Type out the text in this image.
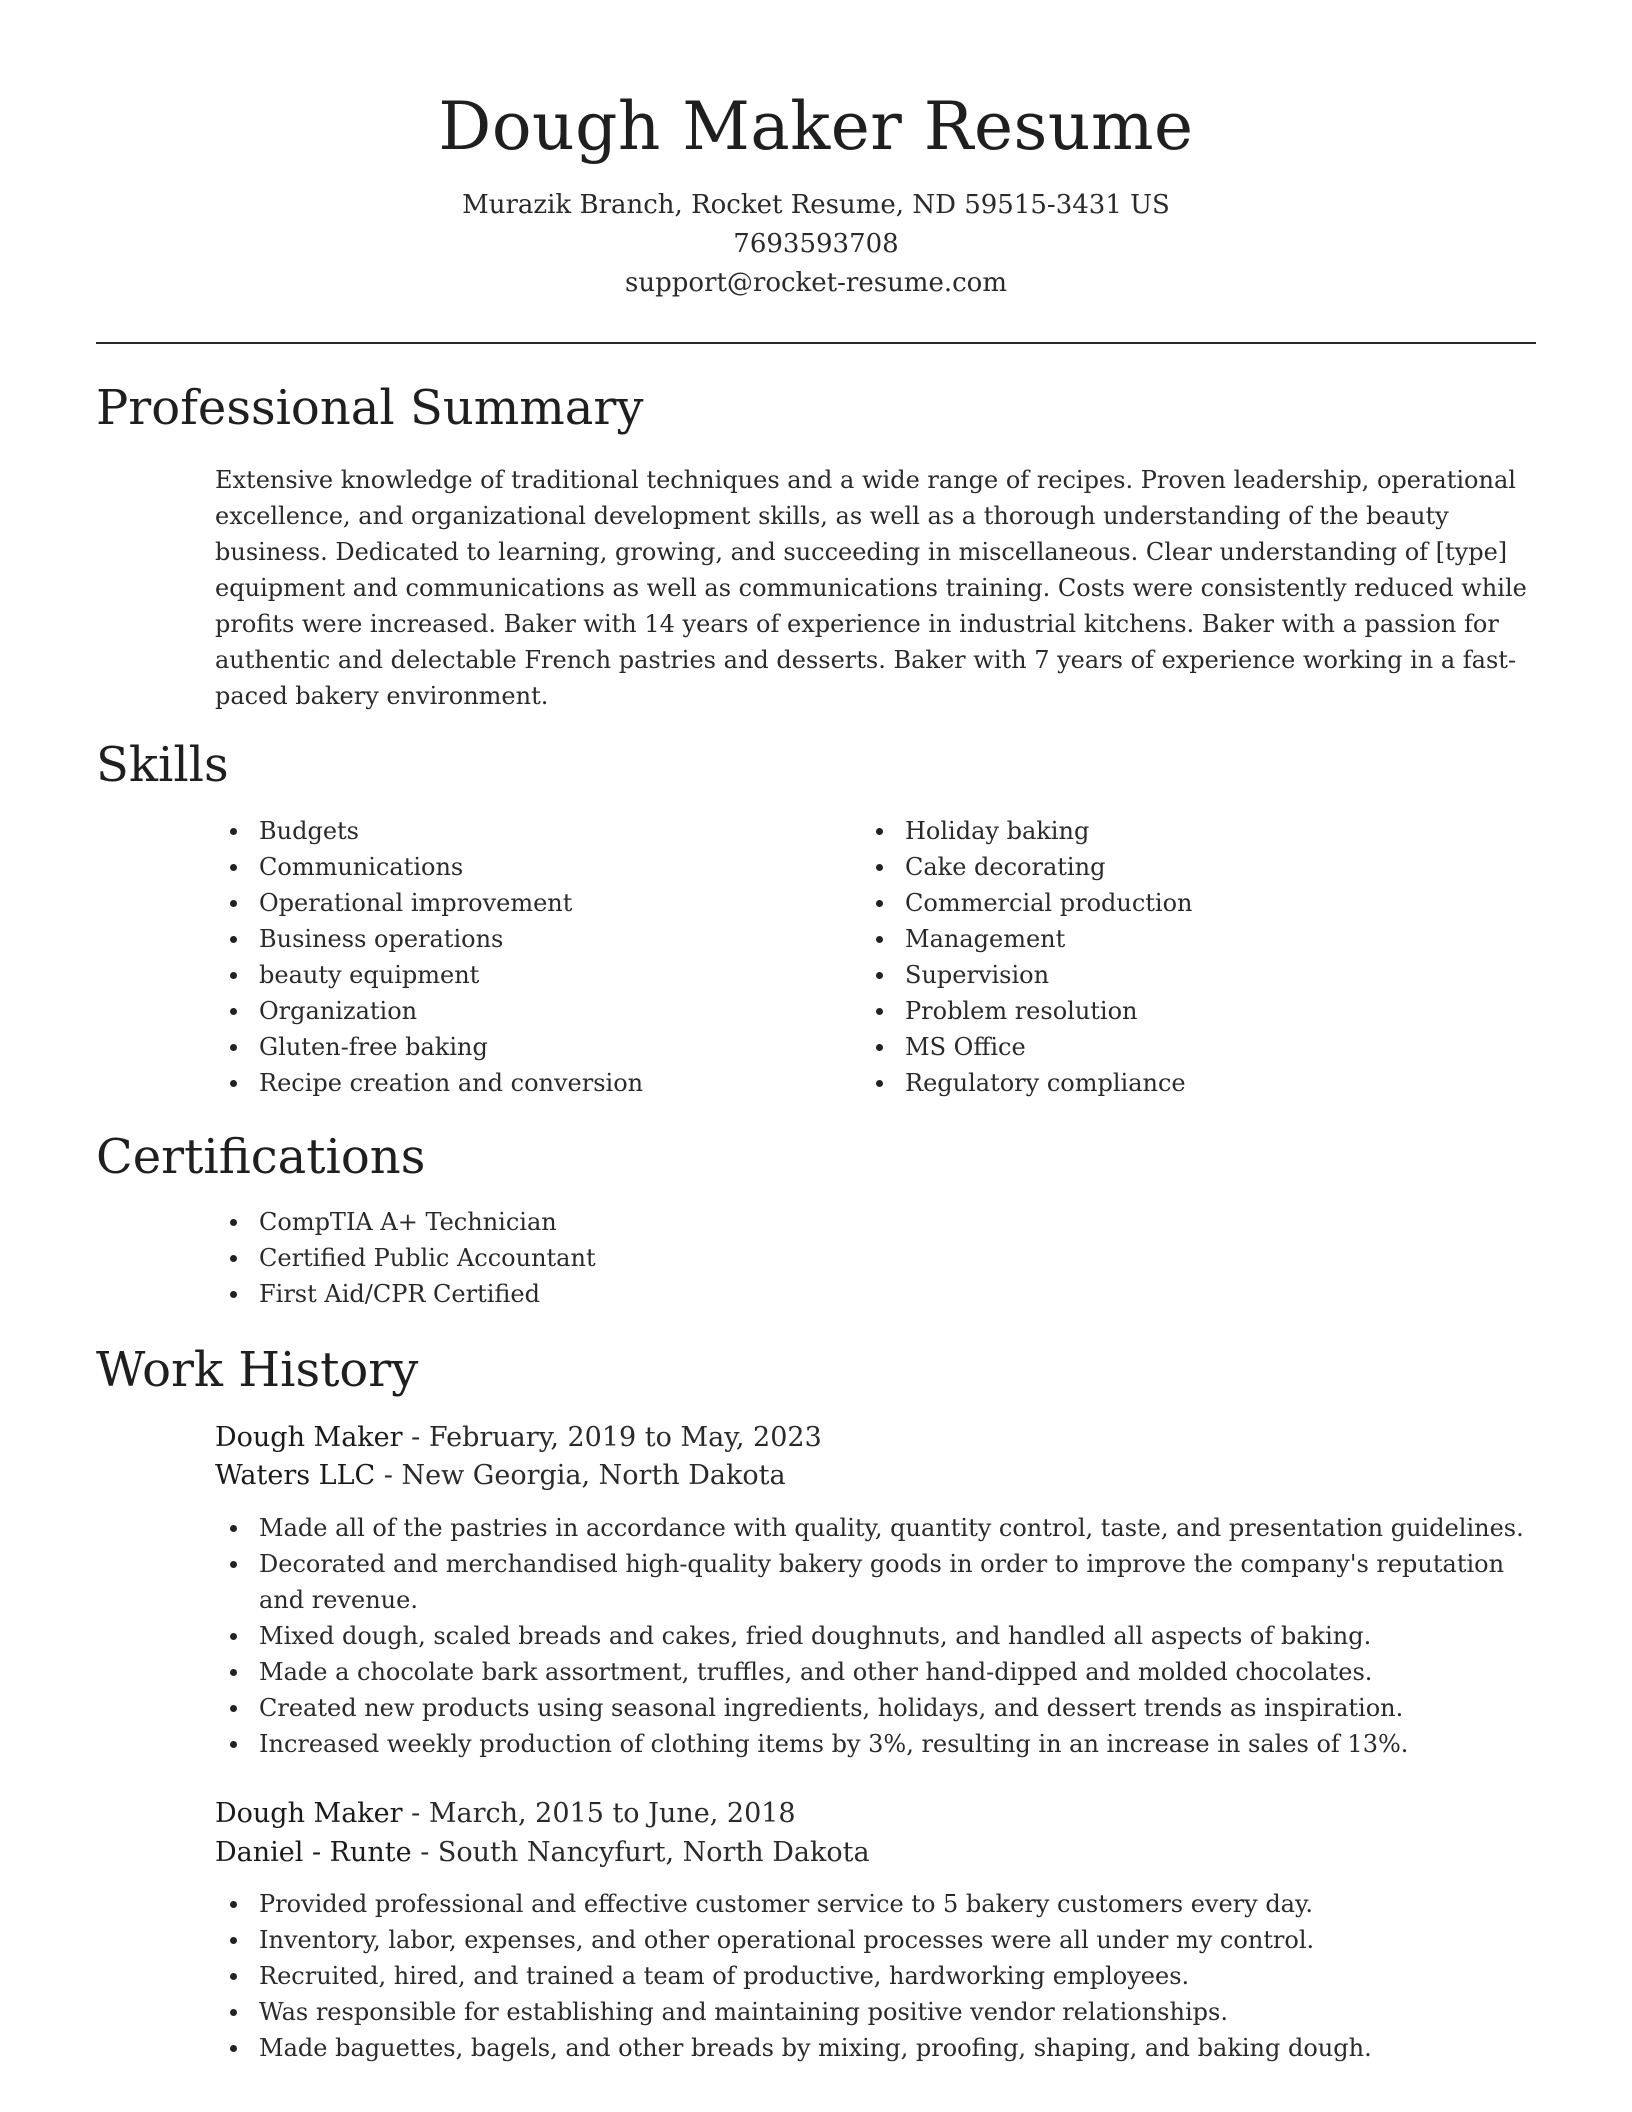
Dough Maker Resume

Murazik Branch, Rocket Resume, ND 59515-3431 US

7693593708

support@rocket-resume.com

Professional Summary

Extensive knowledge of traditional techniques and a wide range of recipes. Proven leadership, operational excellence, and organizational development skills, as well as a thorough understanding of the beauty business. Dedicated to learning, growing, and succeeding in miscellaneous. Clear understanding of [type] equipment and communications as well as communications training. Costs were consistently reduced while profits were increased. Baker with 14 years of experience in industrial kitchens. Baker with a passion for authentic and delectable French pastries and desserts. Baker with 7 years of experience working in a fast-paced bakery environment.

Skills
Budgets
Communications
Operational improvement
Business operations
beauty equipment
Organization
Gluten-free baking
Recipe creation and conversion
Holiday baking
Cake decorating
Commercial production
Management
Supervision
Problem resolution
MS Office
Regulatory compliance
Certifications
CompTIA A+ Technician
Certified Public Accountant
First Aid/CPR Certified
Work History

Dough Maker - February, 2019 to May, 2023

Waters LLC - New Georgia, North Dakota

Made all of the pastries in accordance with quality, quantity control, taste, and presentation guidelines.
Decorated and merchandised high-quality bakery goods in order to improve the company's reputation and revenue.
Mixed dough, scaled breads and cakes, fried doughnuts, and handled all aspects of baking.
Made a chocolate bark assortment, truffles, and other hand-dipped and molded chocolates.
Created new products using seasonal ingredients, holidays, and dessert trends as inspiration.
Increased weekly production of clothing items by 3%, resulting in an increase in sales of 13%.

Dough Maker - March, 2015 to June, 2018

Daniel - Runte - South Nancyfurt, North Dakota

Provided professional and effective customer service to 5 bakery customers every day.
Inventory, labor, expenses, and other operational processes were all under my control.
Recruited, hired, and trained a team of productive, hardworking employees.
Was responsible for establishing and maintaining positive vendor relationships.
Made baguettes, bagels, and other breads by mixing, proofing, shaping, and baking dough.
